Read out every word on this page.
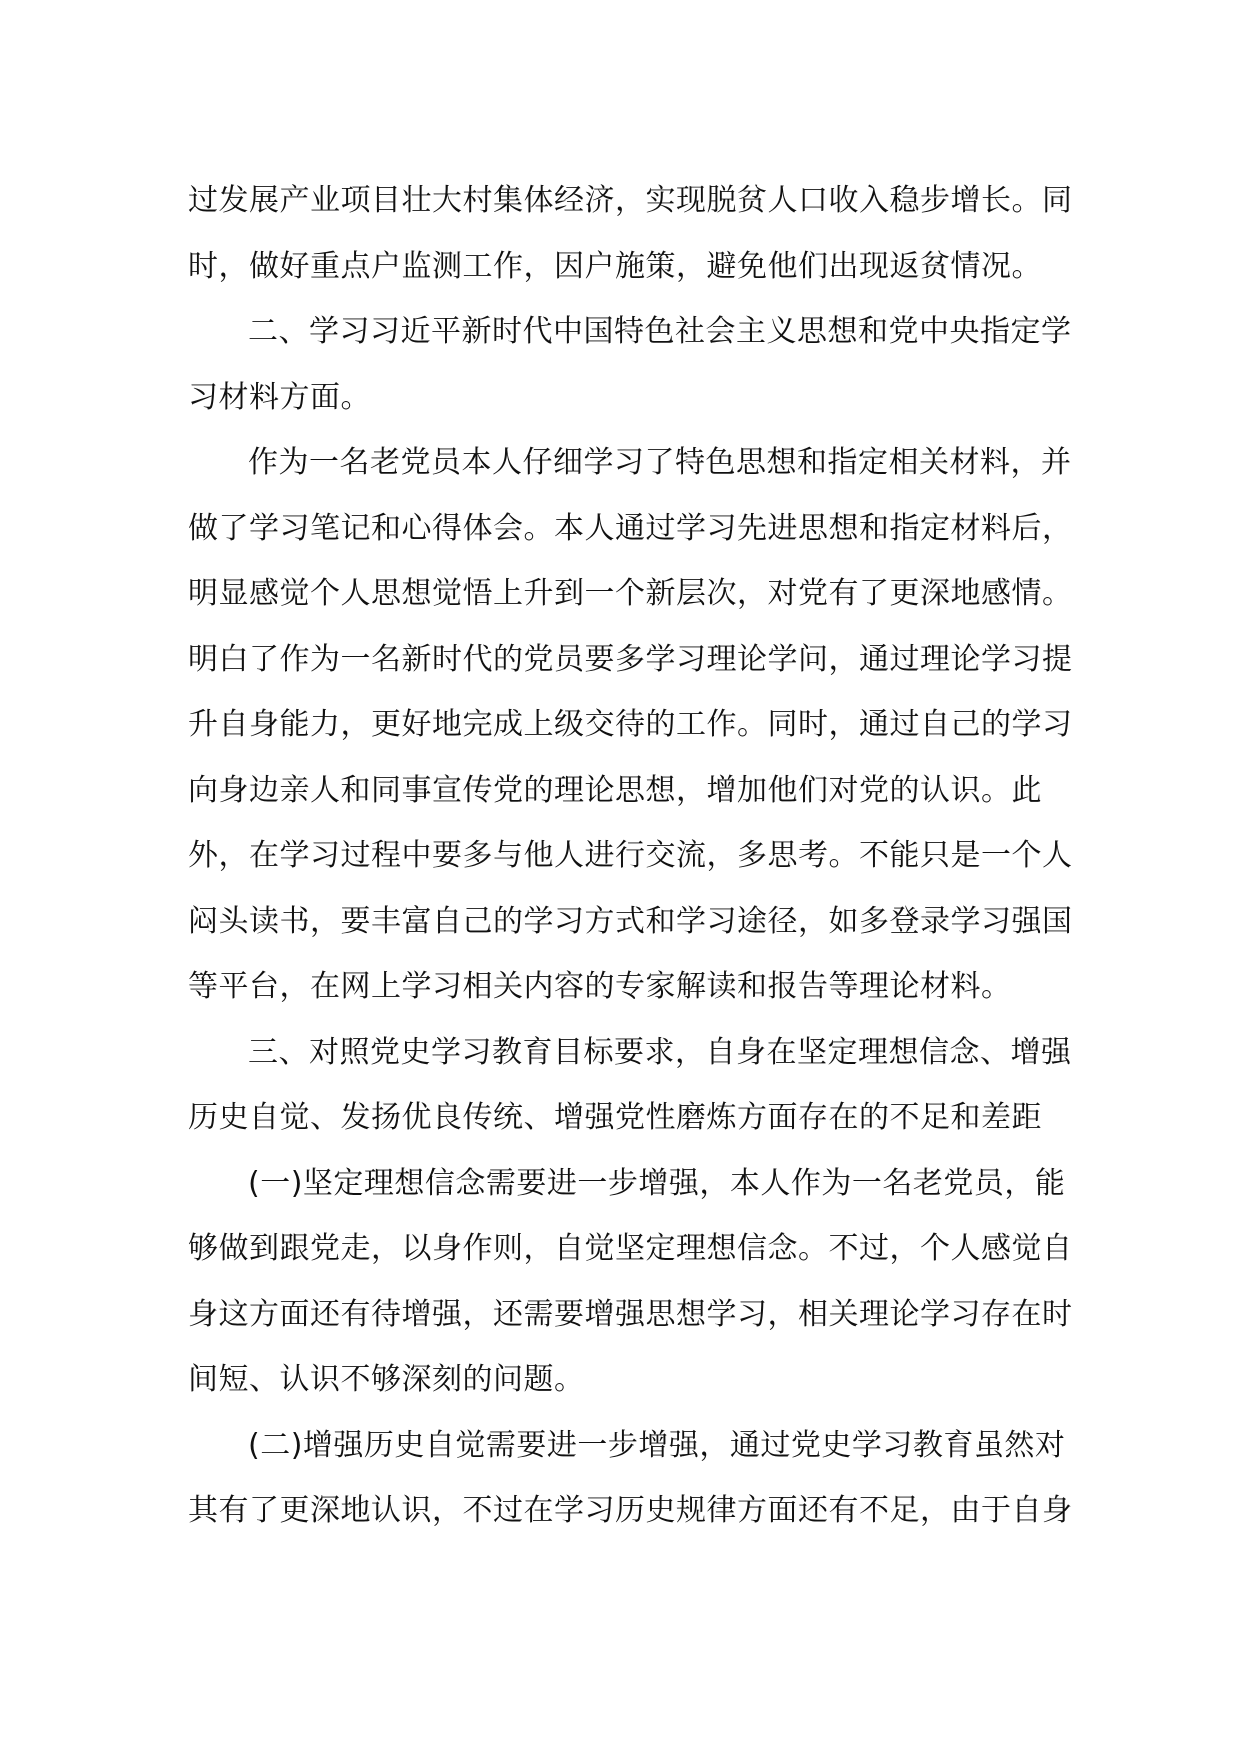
过发展产业项目壮大村集体经济，实现脱贫人口收入稳步增长。同
时，做好重点户监测工作，因户施策，避免他们出现返贫情况。
二、学习习近平新时代中国特色社会主义思想和党中央指定学
习材料方面。
作为一名老党员本人仔细学习了特色思想和指定相关材料，并
做了学习笔记和心得体会。本人通过学习先进思想和指定材料后，
明显感觉个人思想觉悟上升到一个新层次，对党有了更深地感情。
明白了作为一名新时代的党员要多学习理论学问，通过理论学习提
升自身能力，更好地完成上级交待的工作。同时，通过自己的学习
向身边亲人和同事宣传党的理论思想，增加他们对党的认识。此
外，在学习过程中要多与他人进行交流，多思考。不能只是一个人
闷头读书，要丰富自己的学习方式和学习途径，如多登录学习强国
等平台，在网上学习相关内容的专家解读和报告等理论材料。
三、对照党史学习教育目标要求，自身在坚定理想信念、增强
历史自觉、发扬优良传统、增强党性磨炼方面存在的不足和差距
(一)坚定理想信念需要进一步增强，本人作为一名老党员，能
够做到跟党走，以身作则，自觉坚定理想信念。不过，个人感觉自
身这方面还有待增强，还需要增强思想学习，相关理论学习存在时
间短、认识不够深刻的问题。
(二)增强历史自觉需要进一步增强，通过党史学习教育虽然对
其有了更深地认识，不过在学习历史规律方面还有不足，由于自身
